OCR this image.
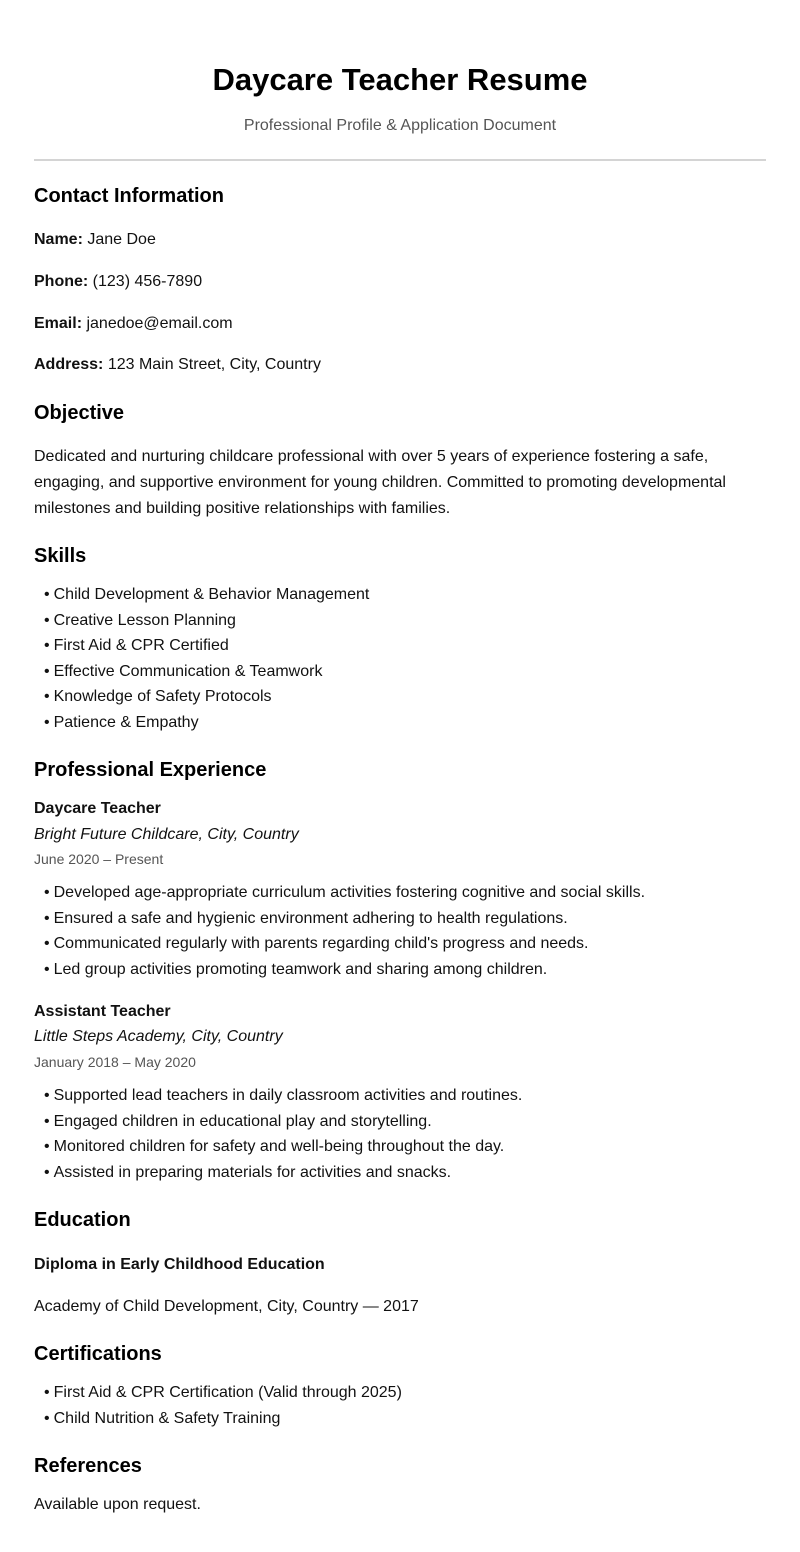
Daycare Teacher Resume
Professional Profile & Application Document
Contact Information

Name: Jane Doe

Phone: (123) 456-7890

Email: janedoe@email.com

Address: 123 Main Street, City, Country

Objective

Dedicated and nurturing childcare professional with over 5 years of experience fostering a safe, engaging, and supportive environment for young children. Committed to promoting developmental milestones and building positive relationships with families.

Skills
• Child Development & Behavior Management
• Creative Lesson Planning
• First Aid & CPR Certified
• Effective Communication & Teamwork
• Knowledge of Safety Protocols
• Patience & Empathy
Professional Experience
Daycare Teacher
Bright Future Childcare, City, Country
June 2020 – Present
• Developed age-appropriate curriculum activities fostering cognitive and social skills.
• Ensured a safe and hygienic environment adhering to health regulations.
• Communicated regularly with parents regarding child's progress and needs.
• Led group activities promoting teamwork and sharing among children.
Assistant Teacher
Little Steps Academy, City, Country
January 2018 – May 2020
• Supported lead teachers in daily classroom activities and routines.
• Engaged children in educational play and storytelling.
• Monitored children for safety and well-being throughout the day.
• Assisted in preparing materials for activities and snacks.
Education
Diploma in Early Childhood Education

Academy of Child Development, City, Country — 2017

Certifications
• First Aid & CPR Certification (Valid through 2025)
• Child Nutrition & Safety Training
References

Available upon request.
